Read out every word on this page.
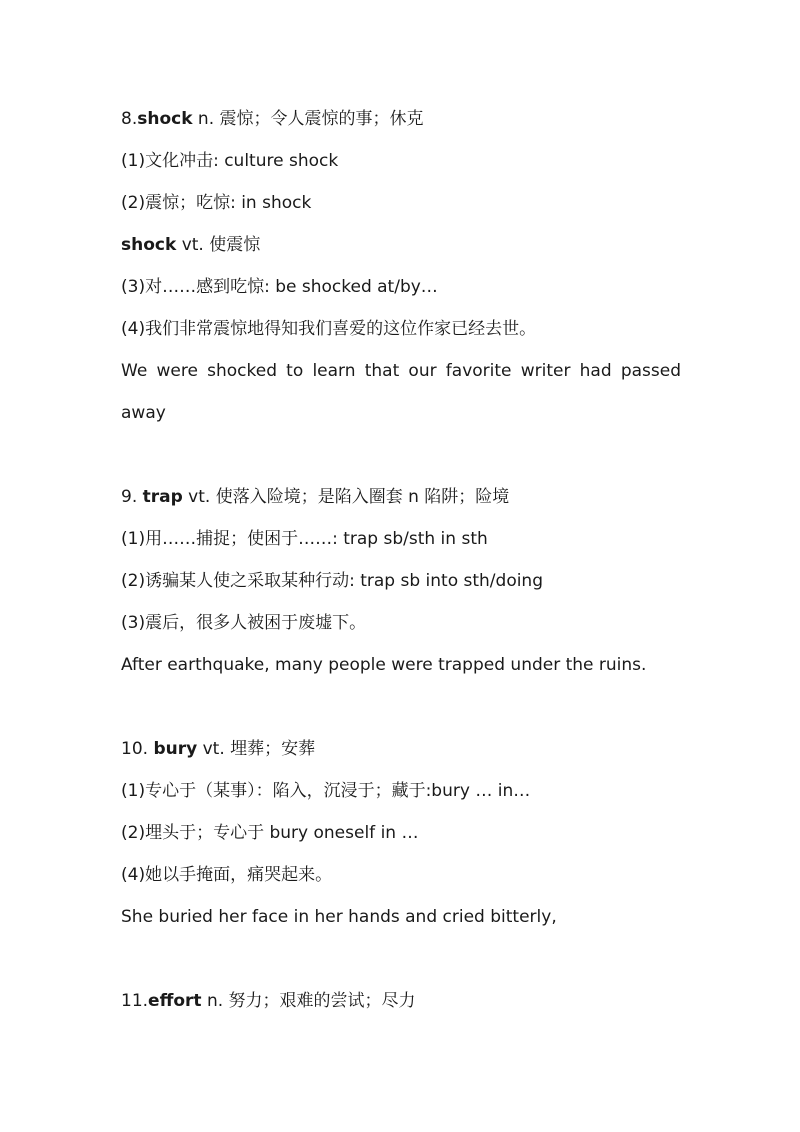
8.shock n. 震惊；令人震惊的事；休克
(1)文化冲击: culture shock
(2)震惊；吃惊: in shock
shock vt. 使震惊
(3)对……感到吃惊: be shocked at/by…
(4)我们非常震惊地得知我们喜爱的这位作家已经去世。
We were shocked to learn that our favorite writer had passed
away
9. trap vt. 使落入险境；是陷入圈套 n 陷阱；险境
(1)用……捕捉；使困于……: trap sb/sth in sth
(2)诱骗某人使之采取某种行动: trap sb into sth/doing
(3)震后，很多人被困于废墟下。
After earthquake, many people were trapped under the ruins.
10. bury vt. 埋葬；安葬
(1)专心于（某事）：陷入，沉浸于；藏于:bury … in…
(2)埋头于；专心于 bury oneself in …
(4)她以手掩面，痛哭起来。
She buried her face in her hands and cried bitterly,
11.effort n. 努力；艰难的尝试；尽力
